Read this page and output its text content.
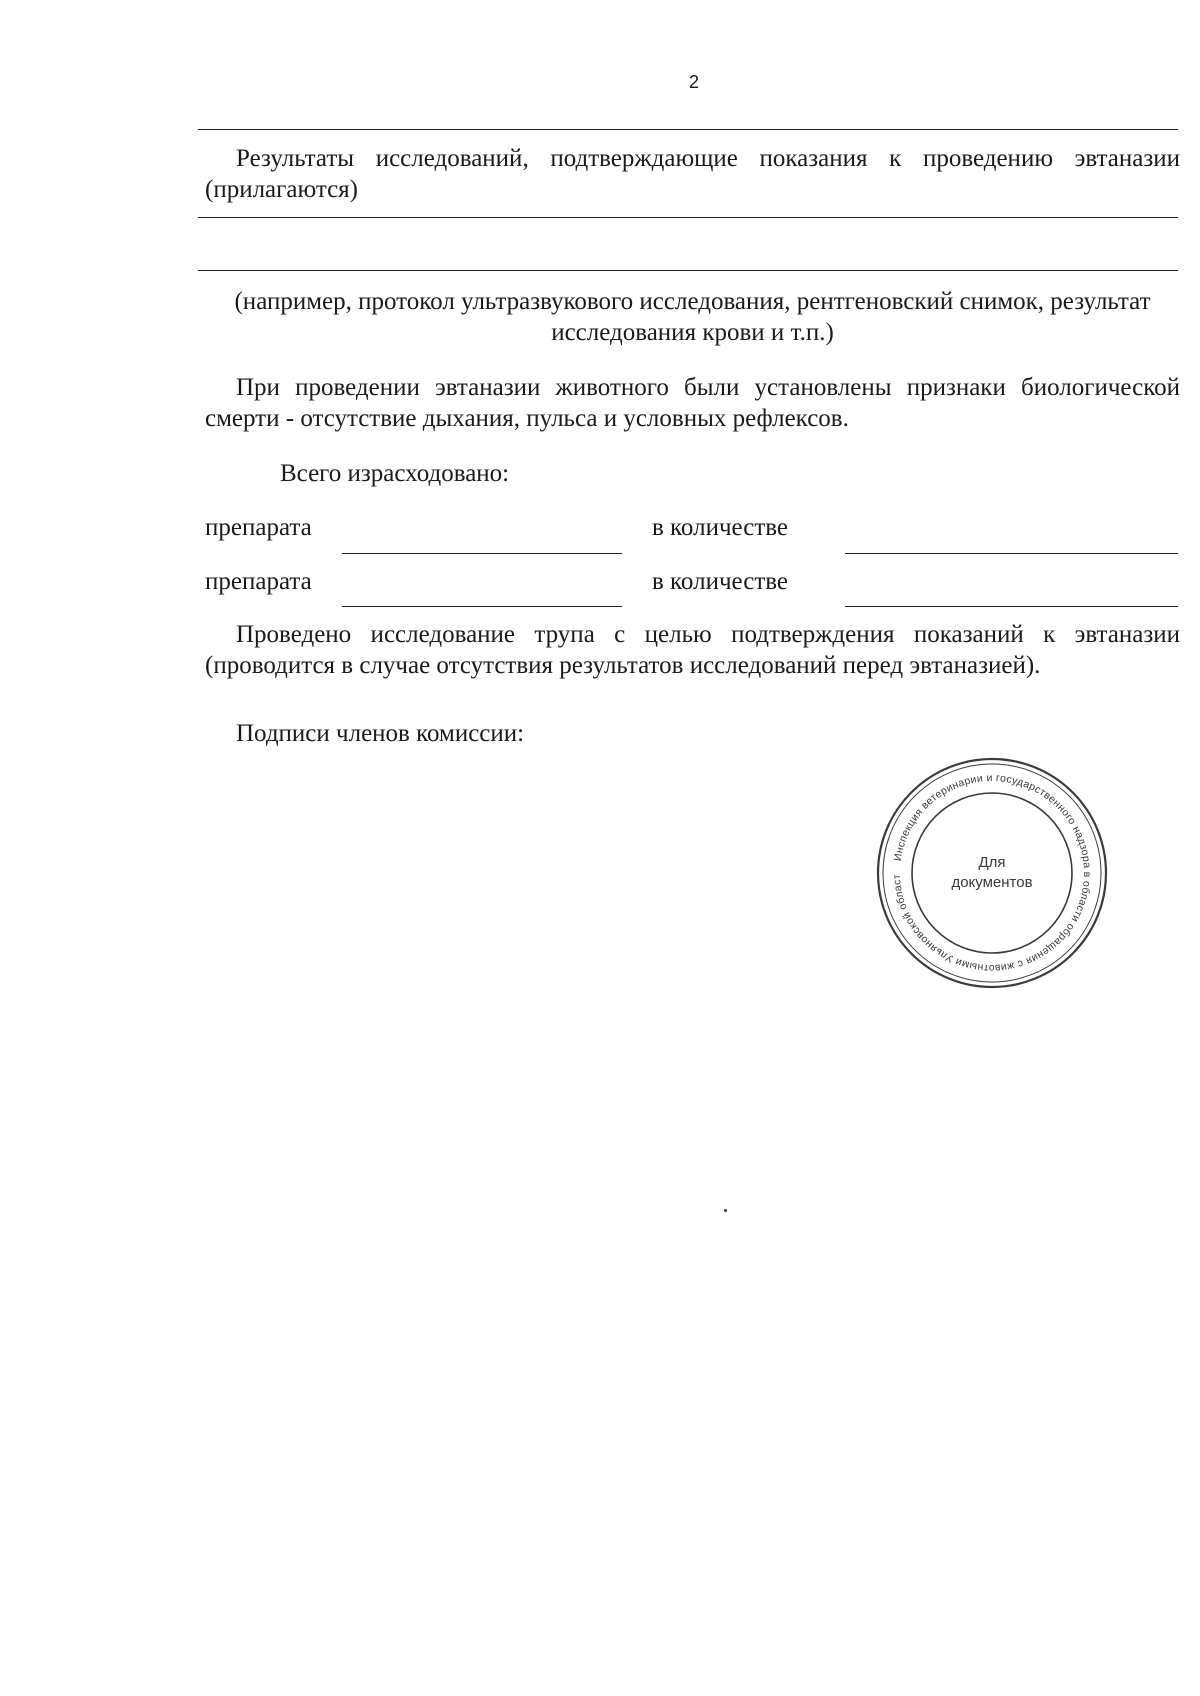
2
Результаты исследований, подтверждающие показания к проведению эвтаназии (прилагаются)
(например, протокол ультразвукового исследования, рентгеновский снимок, результат исследования крови и т.п.)
При проведении эвтаназии животного были установлены признаки биологической смерти - отсутствие дыхания, пульса и условных рефлексов.
Всего израсходовано:
препарата	в количестве
препарата	в количестве
Проведено исследование трупа с целью подтверждения показаний к эвтаназии (проводится в случае отсутствия результатов исследований перед эвтаназией).
Подписи членов комиссии:
Инспекция ветеринарии и государственного надзора в области обращения с животными Ульяновской област
Для
документов
